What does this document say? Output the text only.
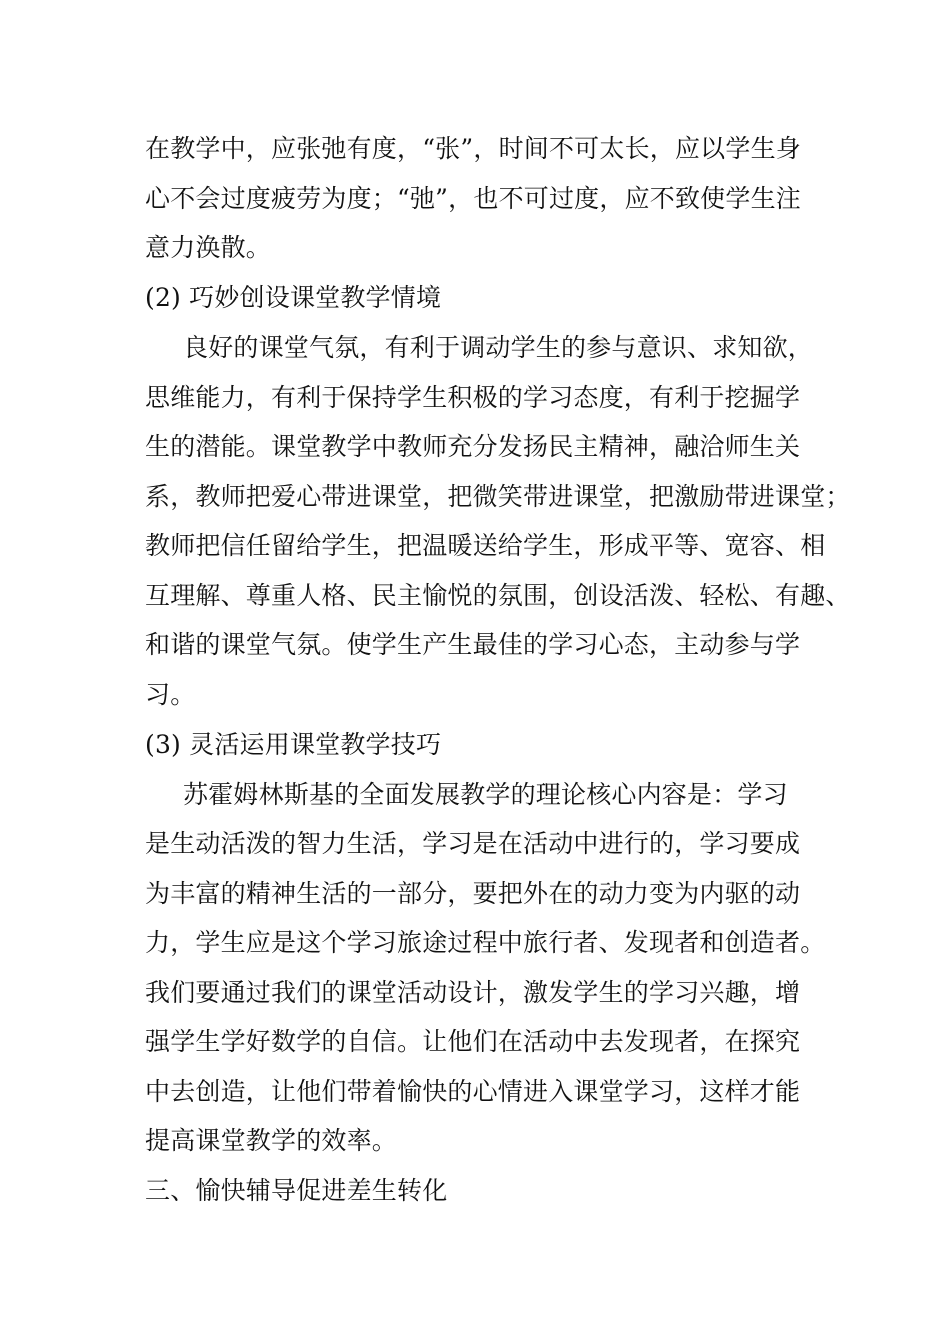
在教学中，应张弛有度，“张”，时间不可太长，应以学生身
心不会过度疲劳为度；“弛”，也不可过度，应不致使学生注
意力涣散。
(2) 巧妙创设课堂教学情境
良好的课堂气氛，有利于调动学生的参与意识、求知欲，
思维能力，有利于保持学生积极的学习态度，有利于挖掘学
生的潜能。课堂教学中教师充分发扬民主精神，融洽师生关
系，教师把爱心带进课堂，把微笑带进课堂，把激励带进课堂；
教师把信任留给学生，把温暖送给学生，形成平等、宽容、相
互理解、尊重人格、民主愉悦的氛围，创设活泼、轻松、有趣、
和谐的课堂气氛。使学生产生最佳的学习心态，主动参与学
习。
(3) 灵活运用课堂教学技巧
苏霍姆林斯基的全面发展教学的理论核心内容是：学习
是生动活泼的智力生活，学习是在活动中进行的，学习要成
为丰富的精神生活的一部分，要把外在的动力变为内驱的动
力，学生应是这个学习旅途过程中旅行者、发现者和创造者。
我们要通过我们的课堂活动设计，激发学生的学习兴趣，增
强学生学好数学的自信。让他们在活动中去发现者，在探究
中去创造，让他们带着愉快的心情进入课堂学习，这样才能
提高课堂教学的效率。
三、愉快辅导促进差生转化
